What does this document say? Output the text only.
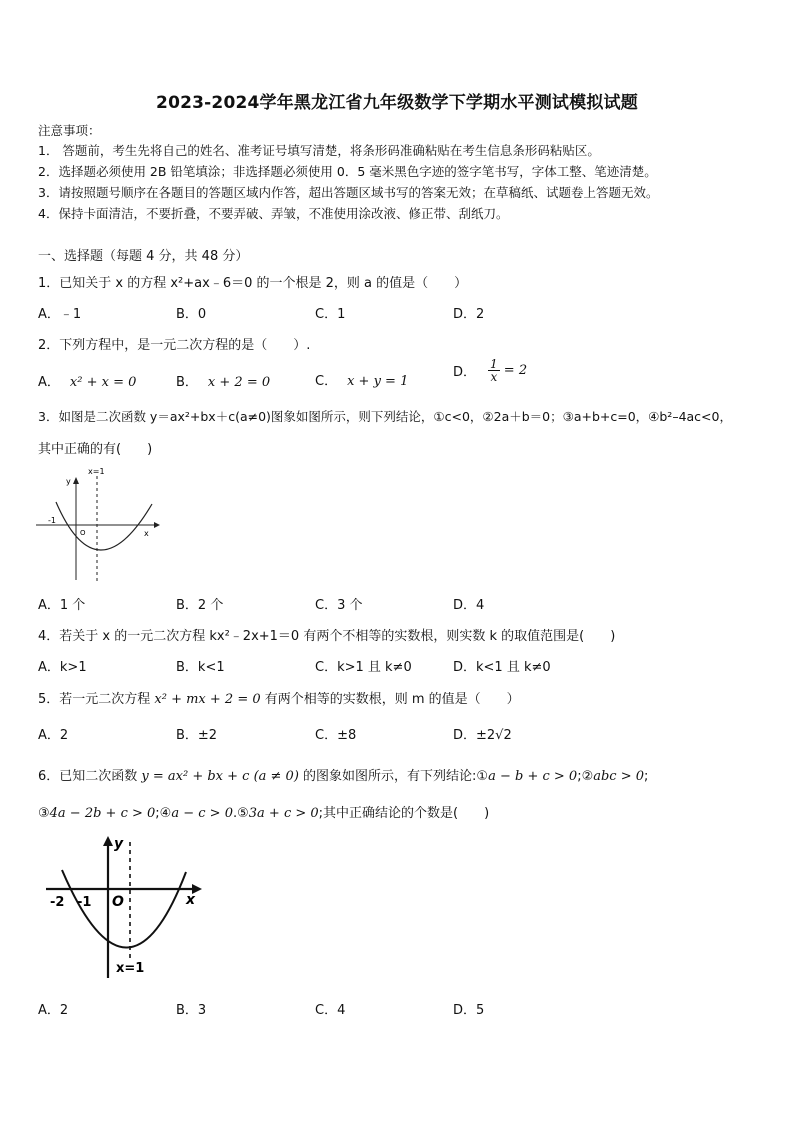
2023-2024学年黑龙江省九年级数学下学期水平测试模拟试题
注意事项：
1． 答题前，考生先将自己的姓名、准考证号填写清楚，将条形码准确粘贴在考生信息条形码粘贴区。
2．选择题必须使用 2B 铅笔填涂；非选择题必须使用 0．5 毫米黑色字迹的签字笔书写，字体工整、笔迹清楚。
3．请按照题号顺序在各题目的答题区域内作答，超出答题区域书写的答案无效；在草稿纸、试题卷上答题无效。
4．保持卡面清洁，不要折叠，不要弄破、弄皱，不准使用涂改液、修正带、刮纸刀。
一、选择题（每题 4 分，共 48 分）
1．已知关于 x 的方程 x²+ax﹣6＝0 的一个根是 2，则 a 的值是（　　）
A．﹣1	B．0	C．1	D．2
2．下列方程中，是一元二次方程的是（　　）.
A． x² + x = 0	B． x + 2 = 0	C． x + y = 1
D． $\frac{1}{x} = 2$
3．如图是二次函数 y＝ax²+bx＋c(a≠0)图象如图所示，则下列结论，①c<0，②2a＋b＝0；③a+b+c=0，④b²–4ac<0，
其中正确的有(　　)
x=1
y
-1
O	x
A．1 个	B．2 个	C．3 个	D．4
4．若关于 x 的一元二次方程 kx²﹣2x+1＝0 有两个不相等的实数根，则实数 k 的取值范围是(　　)
A．k>1	B．k<1	C．k>1 且 k≠0	D．k<1 且 k≠0
5．若一元二次方程 x² + mx + 2 = 0 有两个相等的实数根，则 m 的值是（　　）
A．2	B．±2	C．±8	D．±2√2
6．已知二次函数 y = ax² + bx + c (a ≠ 0) 的图象如图所示，有下列结论:①a − b + c > 0;②abc > 0;
③4a − 2b + c > 0;④a − c > 0.⑤3a + c > 0;其中正确结论的个数是(　　)
y
-2 -1 O	x
x=1
A．2	B．3	C．4	D．5
